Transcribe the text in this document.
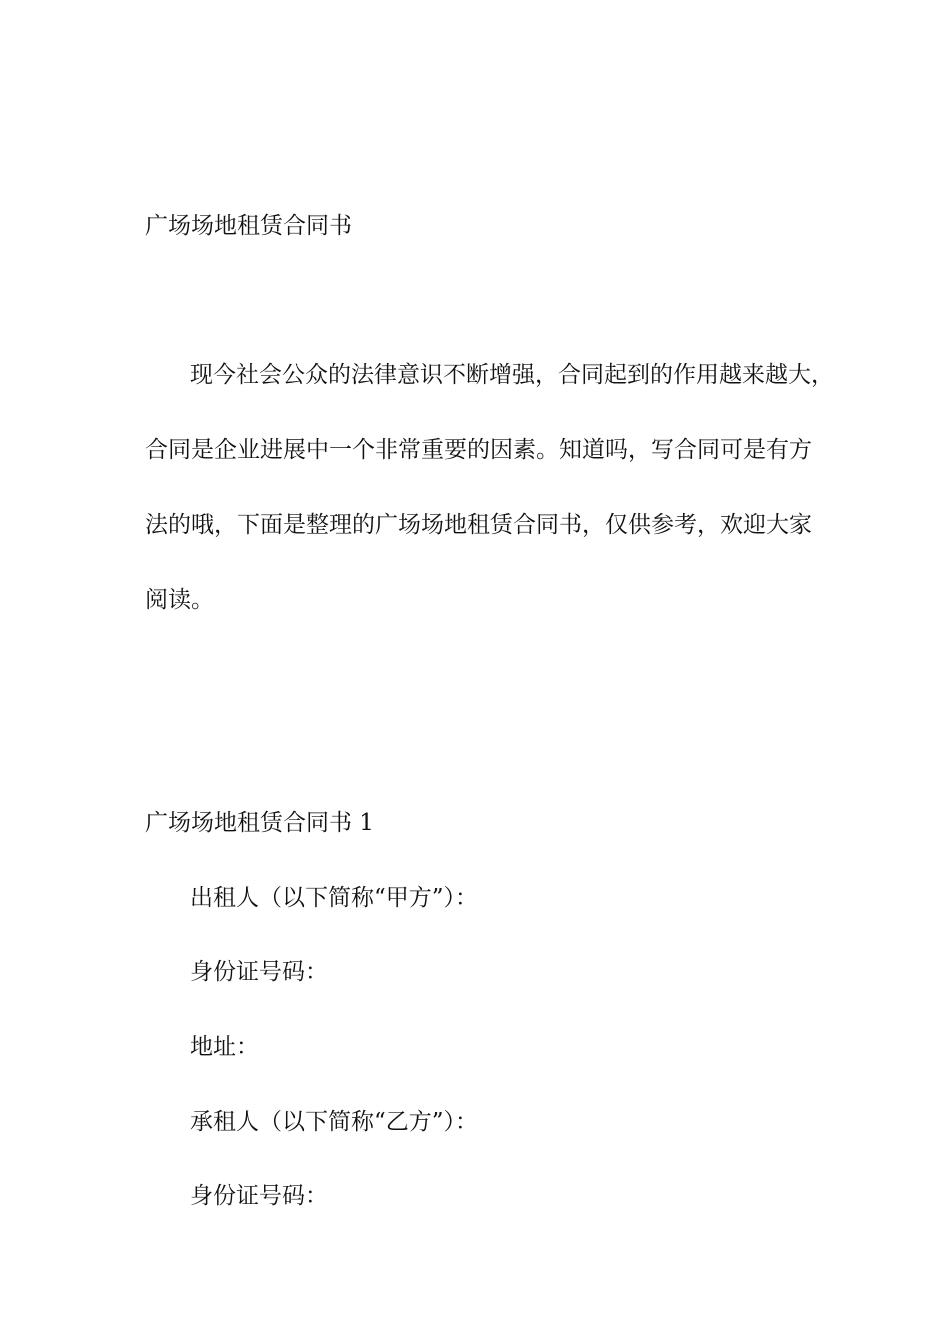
广场场地租赁合同书
现今社会公众的法律意识不断增强，合同起到的作用越来越大，
合同是企业进展中一个非常重要的因素。知道吗，写合同可是有方
法的哦，下面是整理的广场场地租赁合同书，仅供参考，欢迎大家
阅读。
广场场地租赁合同书 1
出租人（以下简称“甲方”）：
身份证号码：
地址：
承租人（以下简称“乙方”）：
身份证号码：
